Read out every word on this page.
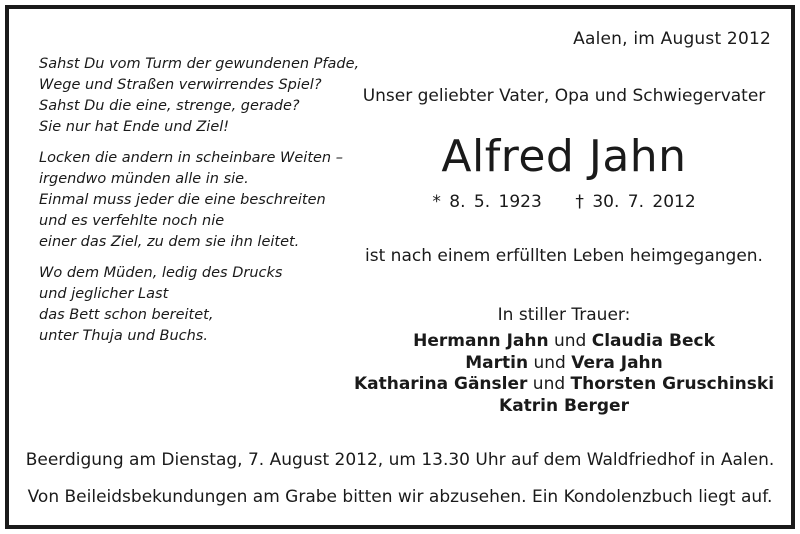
Aalen, im August 2012
Sahst Du vom Turm der gewundenen Pfade,
Wege und Straßen verwirrendes Spiel?
Sahst Du die eine, strenge, gerade?
Sie nur hat Ende und Ziel!
Locken die andern in scheinbare Weiten –
irgendwo münden alle in sie.
Einmal muss jeder die eine beschreiten
und es verfehlte noch nie
einer das Ziel, zu dem sie ihn leitet.
Wo dem Müden, ledig des Drucks
und jeglicher Last
das Bett schon bereitet,
unter Thuja und Buchs.
Unser geliebter Vater, Opa und Schwiegervater
Alfred Jahn
* 8. 5. 1923 † 30. 7. 2012
ist nach einem erfüllten Leben heimgegangen.
In stiller Trauer:
Hermann Jahn und Claudia Beck
Martin und Vera Jahn
Katharina Gänsler und Thorsten Gruschinski
Katrin Berger
Beerdigung am Dienstag, 7. August 2012, um 13.30 Uhr auf dem Waldfriedhof in Aalen.
Von Beileidsbekundungen am Grabe bitten wir abzusehen. Ein Kondolenzbuch liegt auf.
